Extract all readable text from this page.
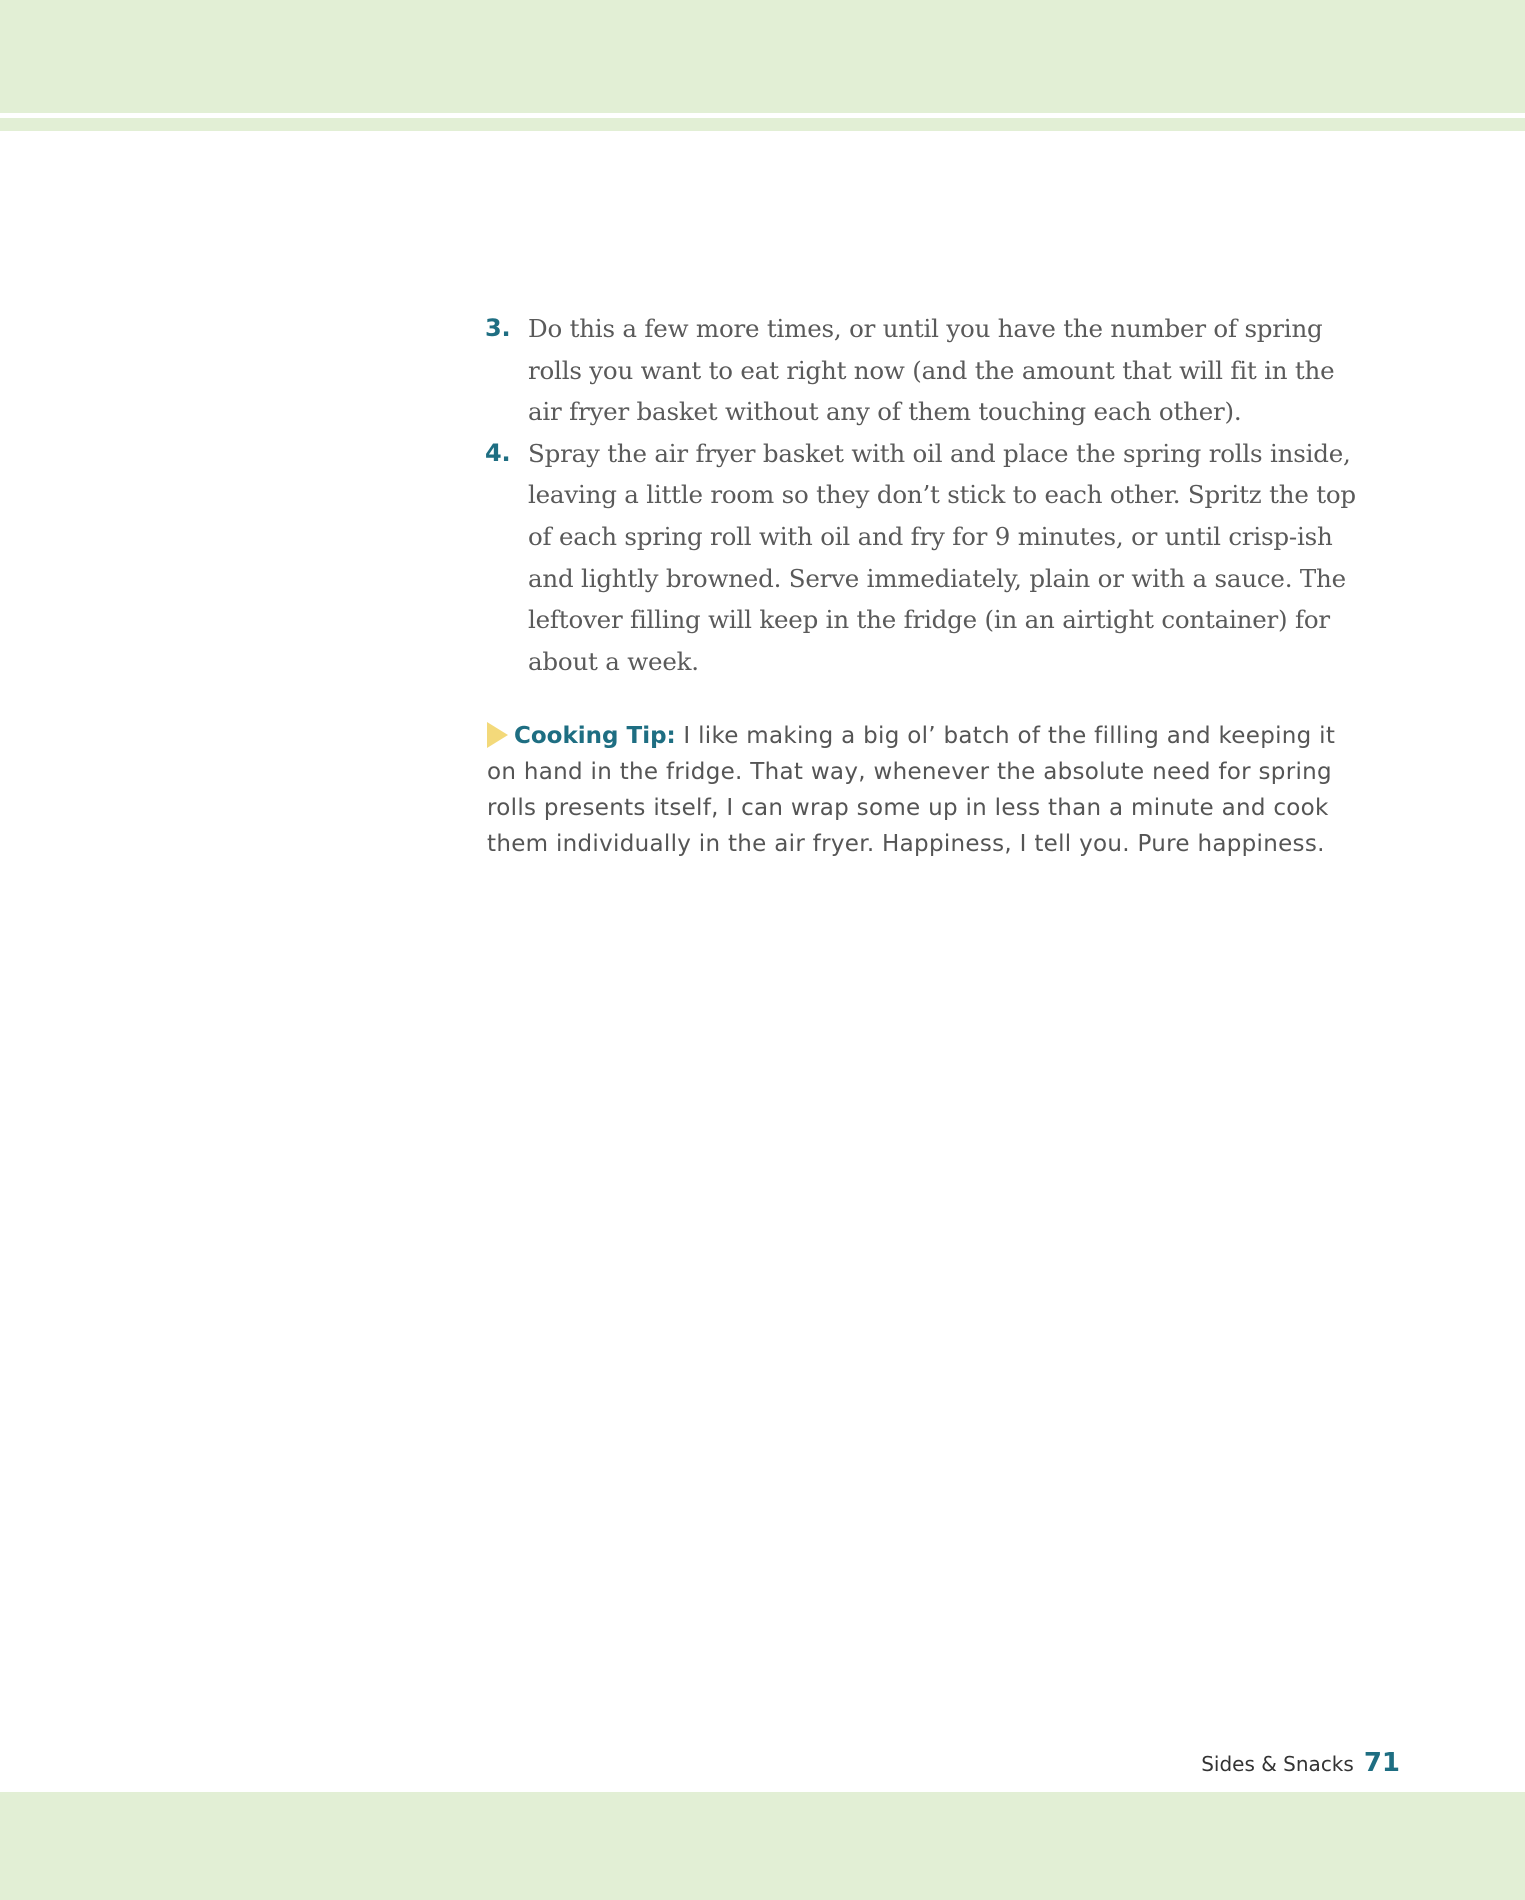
3. Do this a few more times, or until you have the number of spring rolls you want to eat right now (and the amount that will fit in the air fryer basket without any of them touching each other).
4. Spray the air fryer basket with oil and place the spring rolls inside, leaving a little room so they don’t stick to each other. Spritz the top of each spring roll with oil and fry for 9 minutes, or until crisp-ish and lightly browned. Serve immediately, plain or with a sauce. The leftover filling will keep in the fridge (in an airtight container) for about a week.

Cooking Tip: I like making a big ol’ batch of the filling and keeping it on hand in the fridge. That way, whenever the absolute need for spring rolls presents itself, I can wrap some up in less than a minute and cook them individually in the air fryer. Happiness, I tell you. Pure happiness.

Sides & Snacks 71
